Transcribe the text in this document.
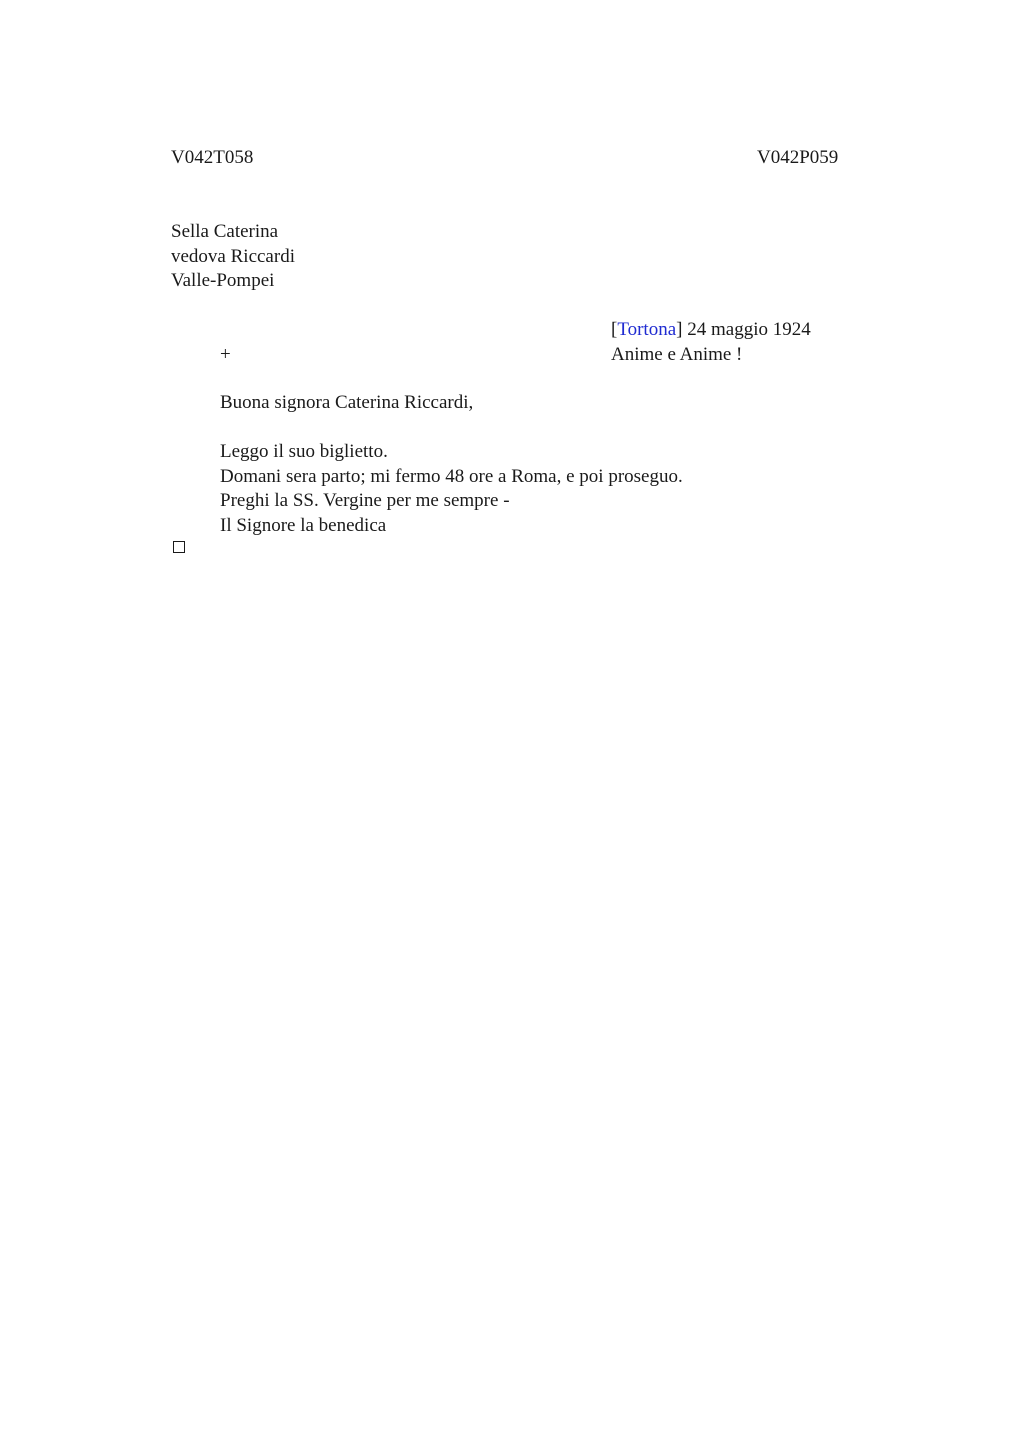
V042T058	V042P059
Sella Caterina
vedova Riccardi
Valle-Pompei
[Tortona] 24 maggio 1924
Anime e Anime !
+
Buona signora Caterina Riccardi,
Leggo il suo biglietto.
Domani sera parto; mi fermo 48 ore a Roma, e poi proseguo.
Preghi la SS. Vergine per me sempre -
Il Signore la benedica
